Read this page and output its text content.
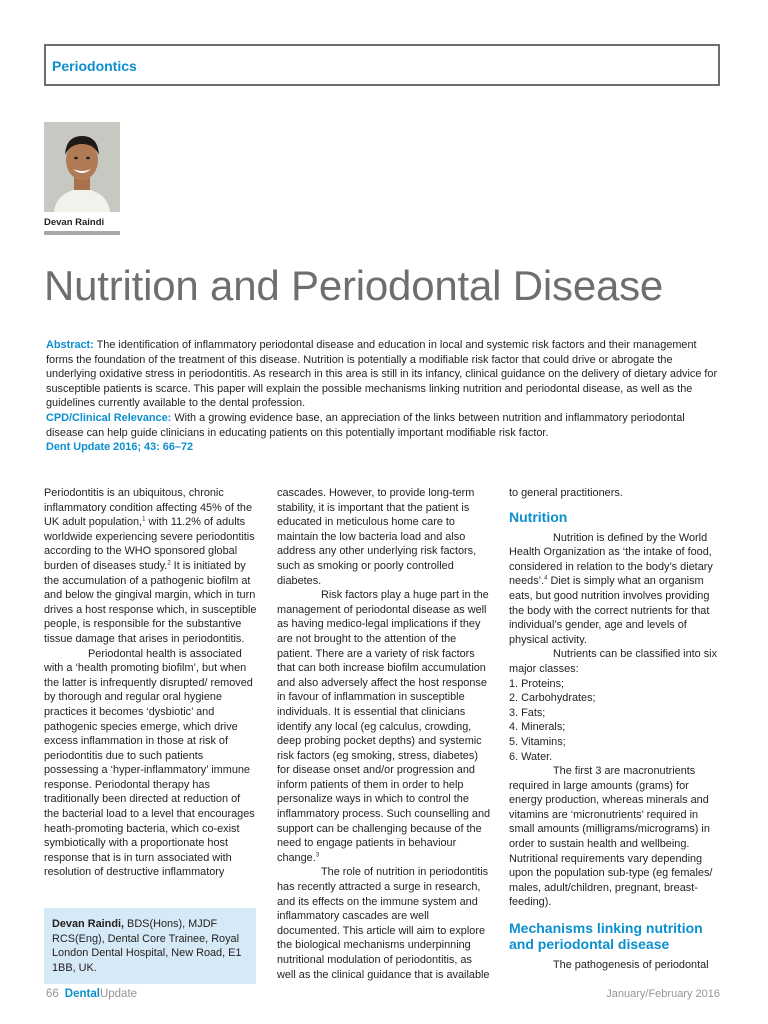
Periodontics
Devan Raindi
Nutrition and Periodontal Disease

Abstract: The identification of inflammatory periodontal disease and education in local and systemic risk factors and their management forms the foundation of the treatment of this disease. Nutrition is potentially a modifiable risk factor that could drive or abrogate the underlying oxidative stress in periodontitis. As research in this area is still in its infancy, clinical guidance on the delivery of dietary advice for susceptible patients is scarce. This paper will explain the possible mechanisms linking nutrition and periodontal disease, as well as the guidelines currently available to the dental profession.

CPD/Clinical Relevance: With a growing evidence base, an appreciation of the links between nutrition and inflammatory periodontal disease can help guide clinicians in educating patients on this potentially important modifiable risk factor.

Dent Update 2016; 43: 66–72

Periodontitis is an ubiquitous, chronic inflammatory condition affecting 45% of the UK adult population,$^1$ with 11.2% of adults worldwide experiencing severe periodontitis according to the WHO sponsored global burden of diseases study.$^2$ It is initiated by the accumulation of a pathogenic biofilm at and below the gingival margin, which in turn drives a host response which, in susceptible people, is responsible for the substantive tissue damage that arises in periodontitis.

Periodontal health is associated with a ‘health promoting biofilm’, but when the latter is infrequently disrupted/ removed by thorough and regular oral hygiene practices it becomes ‘dysbiotic’ and pathogenic species emerge, which drive excess inflammation in those at risk of periodontitis due to such patients possessing a ‘hyper-inflammatory’ immune response. Periodontal therapy has traditionally been directed at reduction of the bacterial load to a level that encourages heath-promoting bacteria, which co-exist symbiotically with a proportionate host response that is in turn associated with resolution of destructive inflammatory

Devan Raindi, BDS(Hons), MJDF RCS(Eng), Dental Core Trainee, Royal London Dental Hospital, New Road, E1 1BB, UK.

cascades. However, to provide long-term stability, it is important that the patient is educated in meticulous home care to maintain the low bacteria load and also address any other underlying risk factors, such as smoking or poorly controlled diabetes.

Risk factors play a huge part in the management of periodontal disease as well as having medico-legal implications if they are not brought to the attention of the patient. There are a variety of risk factors that can both increase biofilm accumulation and also adversely affect the host response in favour of inflammation in susceptible individuals. It is essential that clinicians identify any local (eg calculus, crowding, deep probing pocket depths) and systemic risk factors (eg smoking, stress, diabetes) for disease onset and/or progression and inform patients of them in order to help personalize ways in which to control the inflammatory process. Such counselling and support can be challenging because of the need to engage patients in behaviour change.$^3$

The role of nutrition in periodontitis has recently attracted a surge in research, and its effects on the immune system and inflammatory cascades are well documented. This article will aim to explore the biological mechanisms underpinning nutritional modulation of periodontitis, as well as the clinical guidance that is available

to general practitioners.

Nutrition

Nutrition is defined by the World Health Organization as ‘the intake of food, considered in relation to the body’s dietary needs’.$^4$ Diet is simply what an organism eats, but good nutrition involves providing the body with the correct nutrients for that individual’s gender, age and levels of physical activity.

Nutrients can be classified into six major classes:

1. Proteins;
2. Carbohydrates;
3. Fats;
4. Minerals;
5. Vitamins;
6. Water.

The first 3 are macronutrients required in large amounts (grams) for energy production, whereas minerals and vitamins are ‘micronutrients’ required in small amounts (milligrams/micrograms) in order to sustain health and wellbeing. Nutritional requirements vary depending upon the population sub-type (eg females/ males, adult/children, pregnant, breast-feeding).

Mechanisms linking nutrition and periodontal disease

The pathogenesis of periodontal

66 DentalUpdate	January/February 2016
